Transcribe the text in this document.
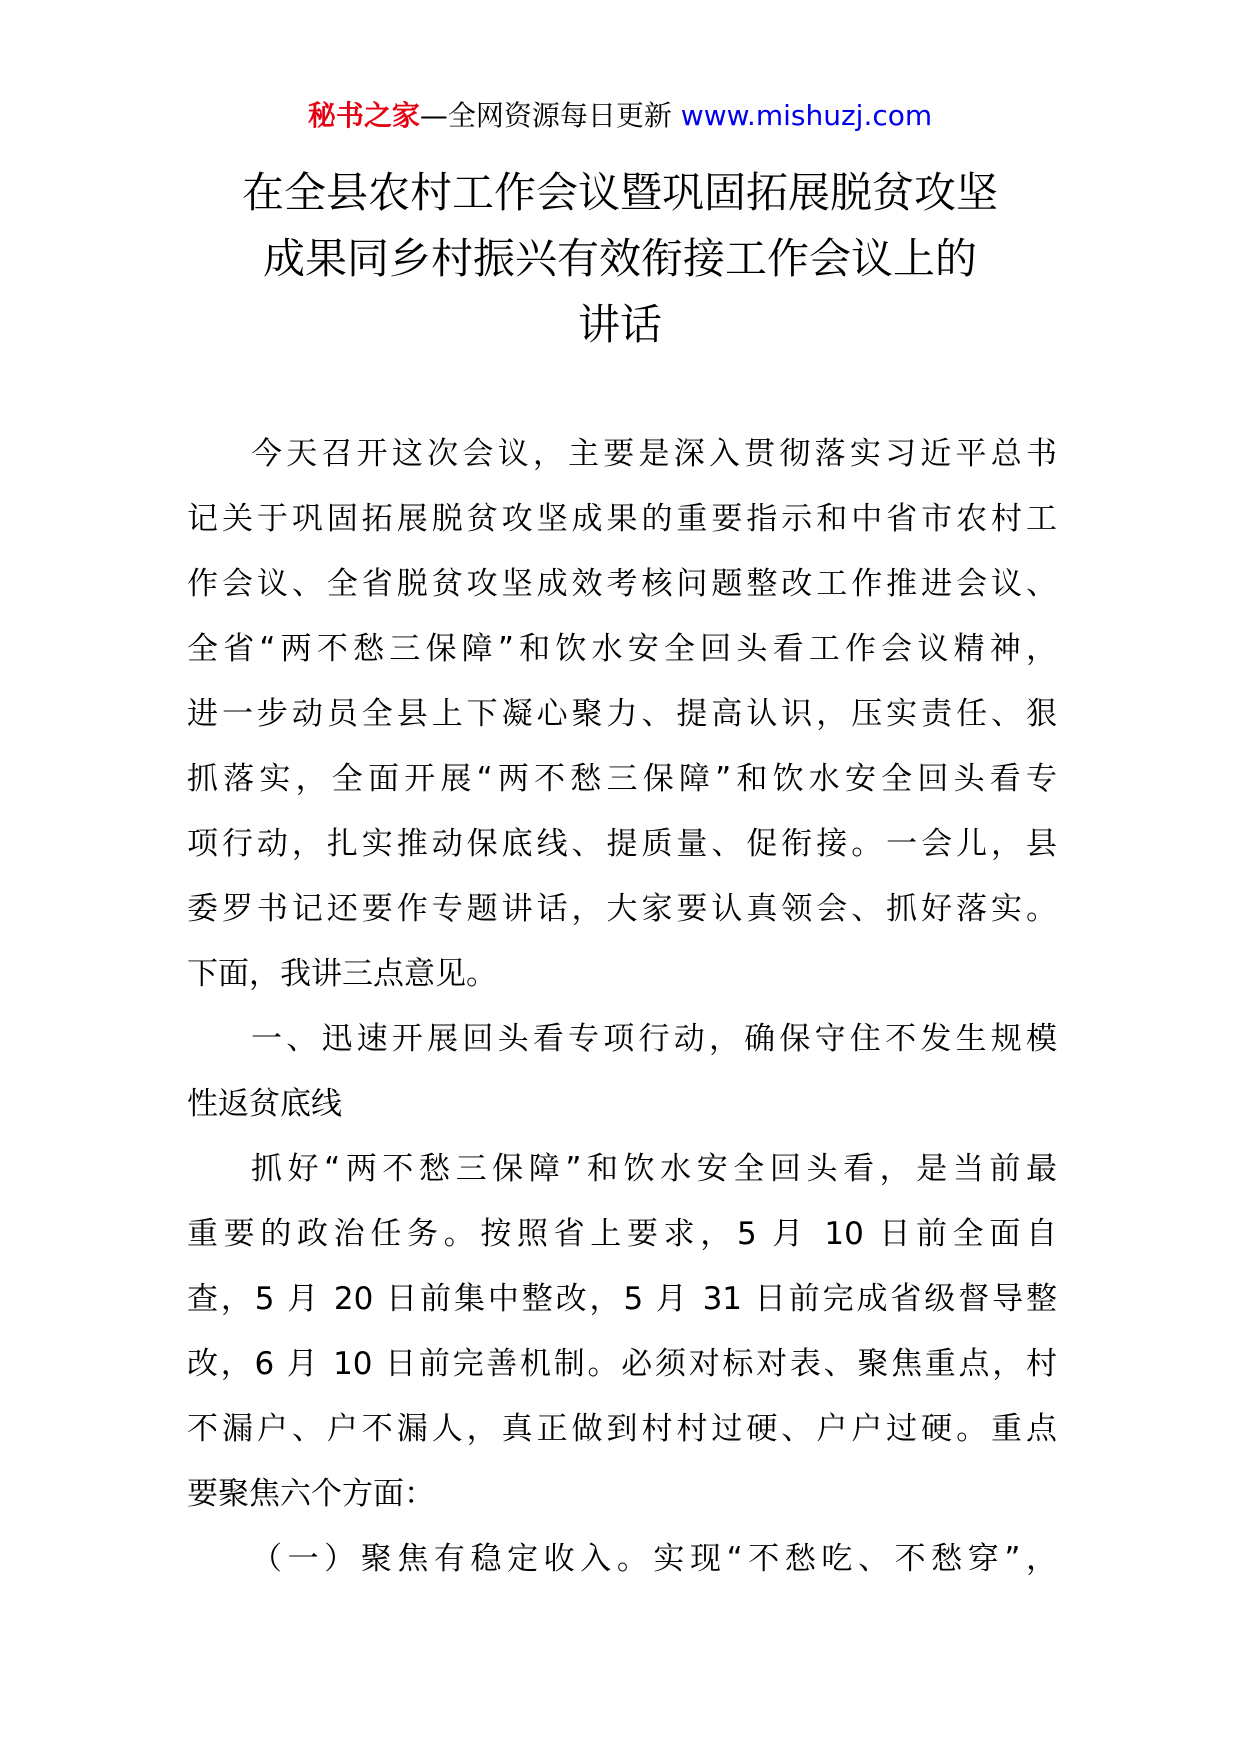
秘书之家—全网资源每日更新 www.mishuzj.com
在全县农村工作会议暨巩固拓展脱贫攻坚
成果同乡村振兴有效衔接工作会议上的
讲话
今天召开这次会议，主要是深入贯彻落实习近平总书
记关于巩固拓展脱贫攻坚成果的重要指示和中省市农村工
作会议、全省脱贫攻坚成效考核问题整改工作推进会议、
全省“两不愁三保障”和饮水安全回头看工作会议精神，
进一步动员全县上下凝心聚力、提高认识，压实责任、狠
抓落实，全面开展“两不愁三保障”和饮水安全回头看专
项行动，扎实推动保底线、提质量、促衔接。一会儿，县
委罗书记还要作专题讲话，大家要认真领会、抓好落实。
下面，我讲三点意见。
一、迅速开展回头看专项行动，确保守住不发生规模
性返贫底线
抓好“两不愁三保障”和饮水安全回头看，是当前最
重要的政治任务。按照省上要求，5 月 10 日前全面自
查，5 月 20 日前集中整改，5 月 31 日前完成省级督导整
改，6 月 10 日前完善机制。必须对标对表、聚焦重点，村
不漏户、户不漏人，真正做到村村过硬、户户过硬。重点
要聚焦六个方面：
（一）聚焦有稳定收入。实现“不愁吃、不愁穿”，
